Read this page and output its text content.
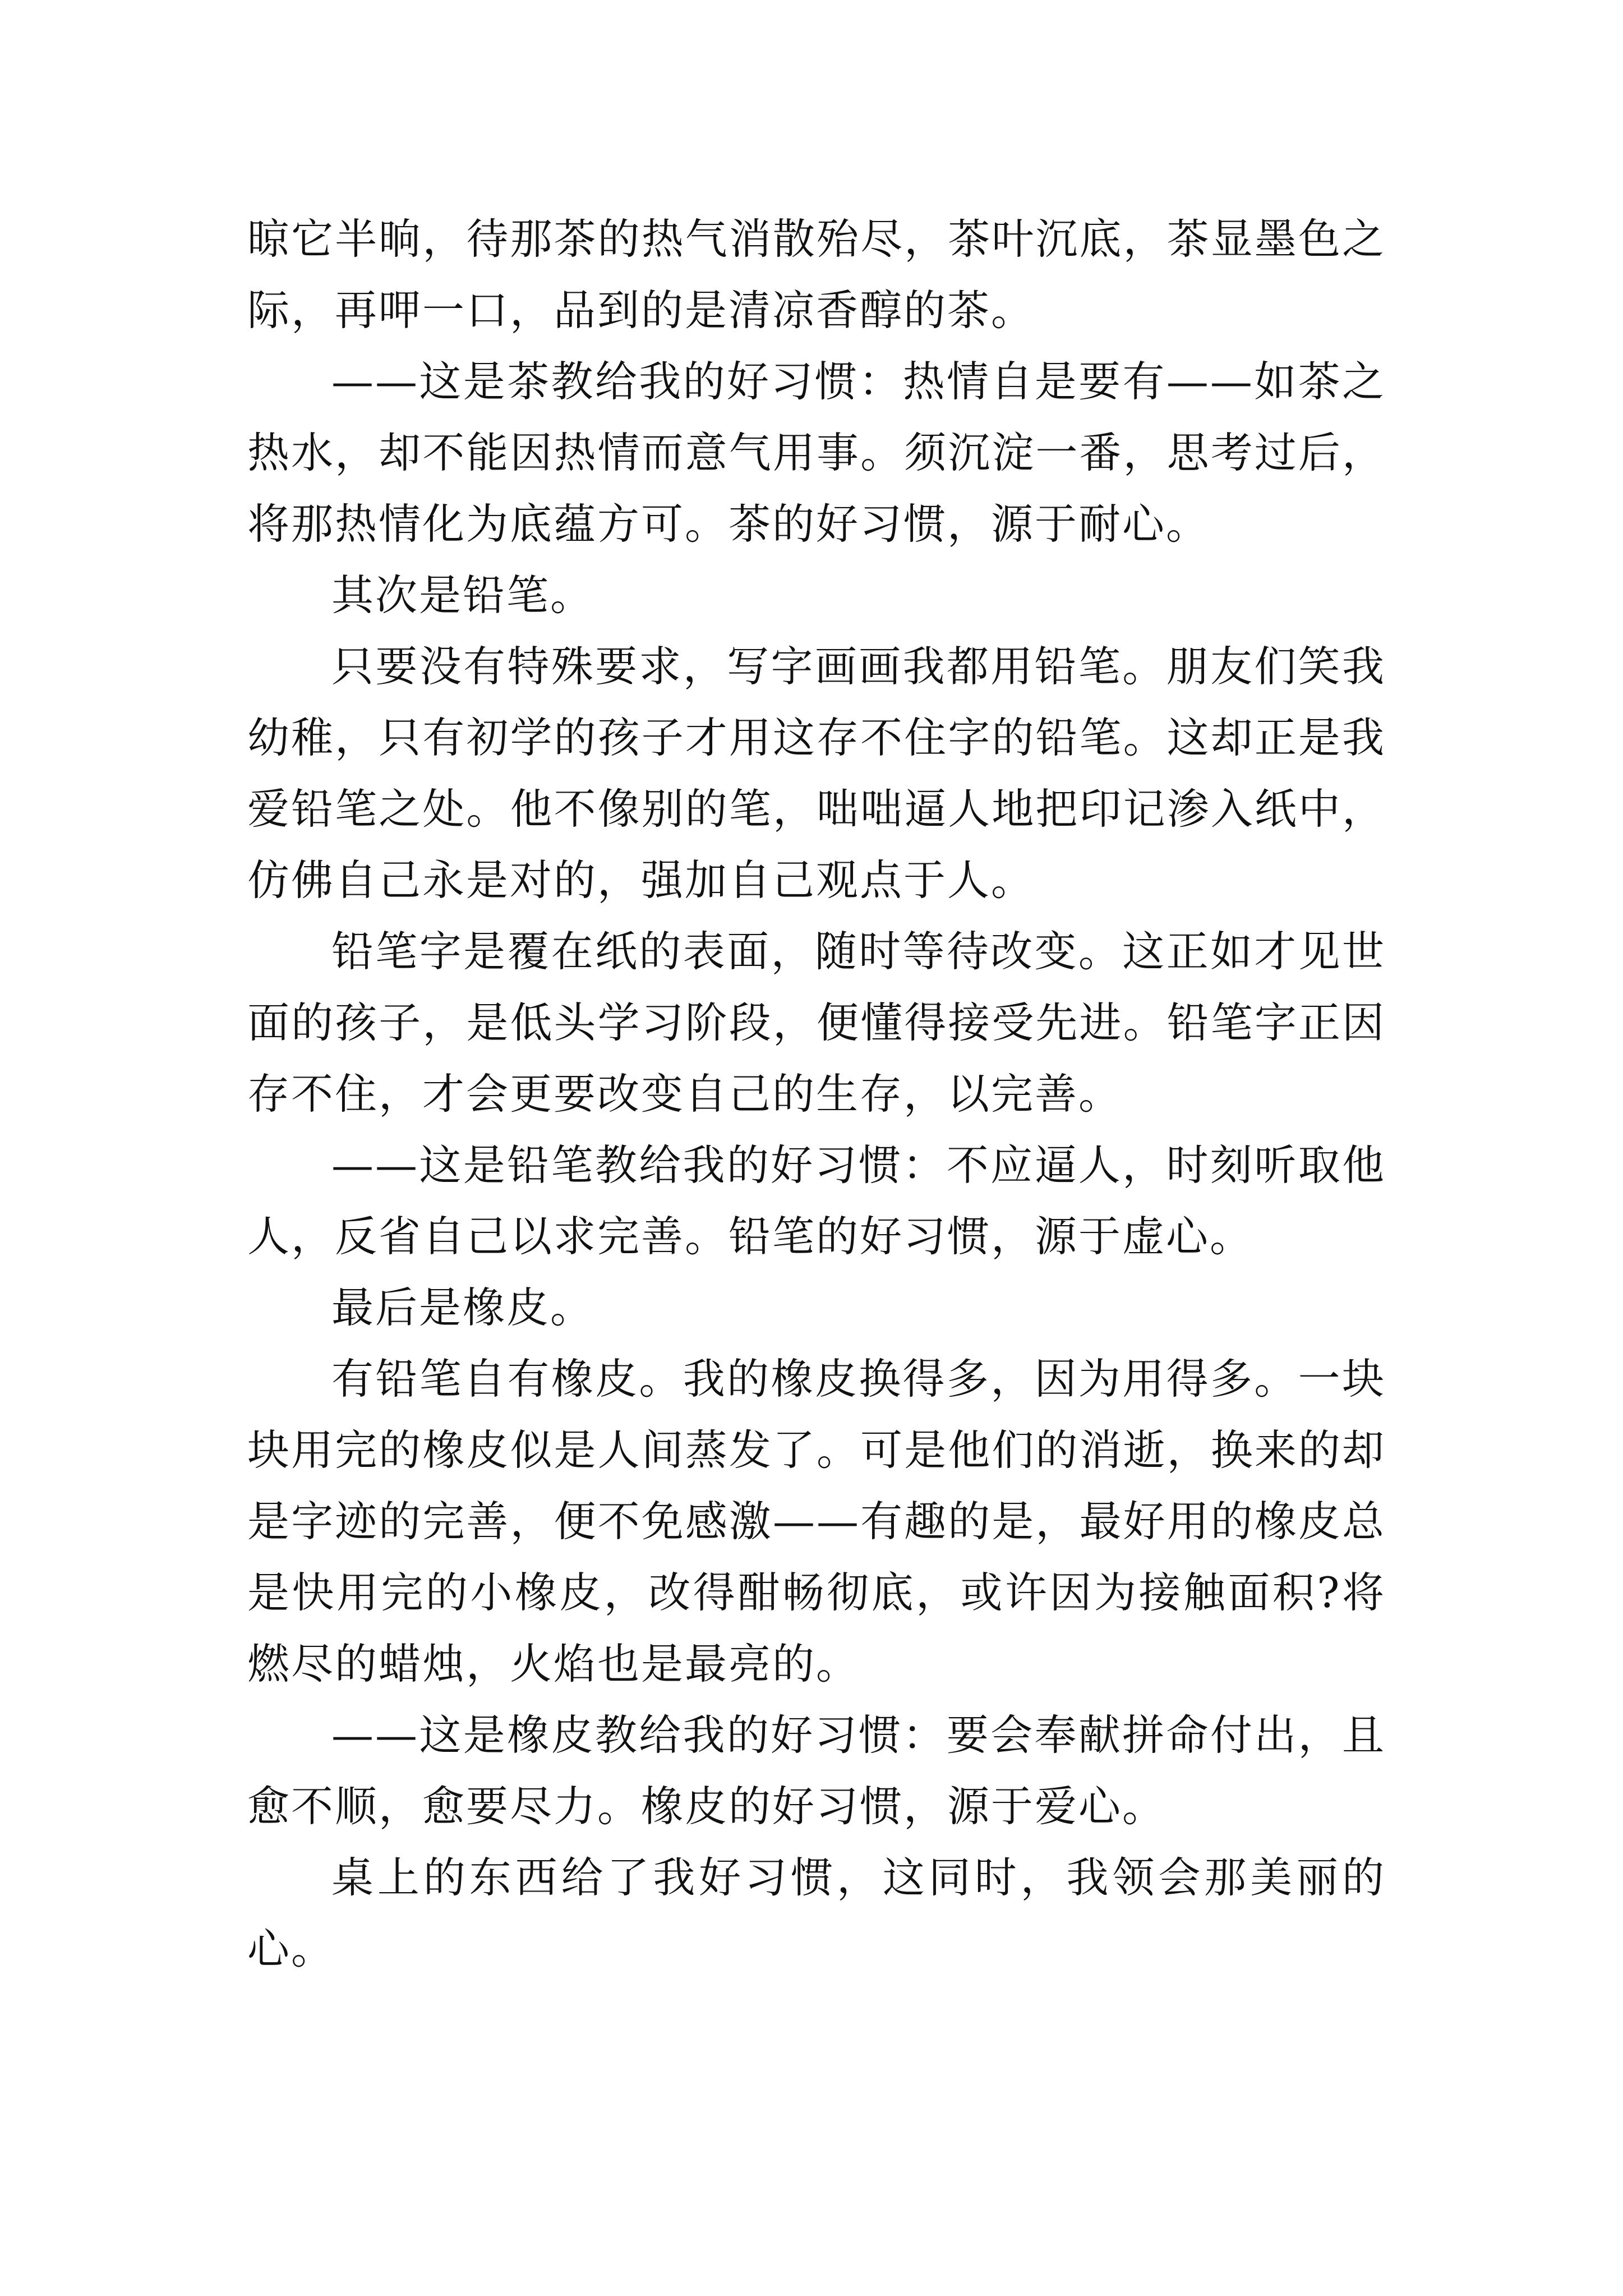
晾它半晌，待那茶的热气消散殆尽，茶叶沉底，茶显墨色之际，再呷一口，品到的是清凉香醇的茶。

——这是茶教给我的好习惯：热情自是要有——如茶之热水，却不能因热情而意气用事。须沉淀一番，思考过后，将那热情化为底蕴方可。茶的好习惯，源于耐心。

其次是铅笔。

只要没有特殊要求，写字画画我都用铅笔。朋友们笑我幼稚，只有初学的孩子才用这存不住字的铅笔。这却正是我爱铅笔之处。他不像别的笔，咄咄逼人地把印记渗入纸中，仿佛自己永是对的，强加自己观点于人。

铅笔字是覆在纸的表面，随时等待改变。这正如才见世面的孩子，是低头学习阶段，便懂得接受先进。铅笔字正因存不住，才会更要改变自己的生存，以完善。

——这是铅笔教给我的好习惯：不应逼人，时刻听取他人，反省自己以求完善。铅笔的好习惯，源于虚心。

最后是橡皮。

有铅笔自有橡皮。我的橡皮换得多，因为用得多。一块块用完的橡皮似是人间蒸发了。可是他们的消逝，换来的却是字迹的完善，便不免感激——有趣的是，最好用的橡皮总是快用完的小橡皮，改得酣畅彻底，或许因为接触面积?将燃尽的蜡烛，火焰也是最亮的。

——这是橡皮教给我的好习惯：要会奉献拼命付出，且愈不顺，愈要尽力。橡皮的好习惯，源于爱心。

桌上的东西给了我好习惯，这同时，我领会那美丽的心。
